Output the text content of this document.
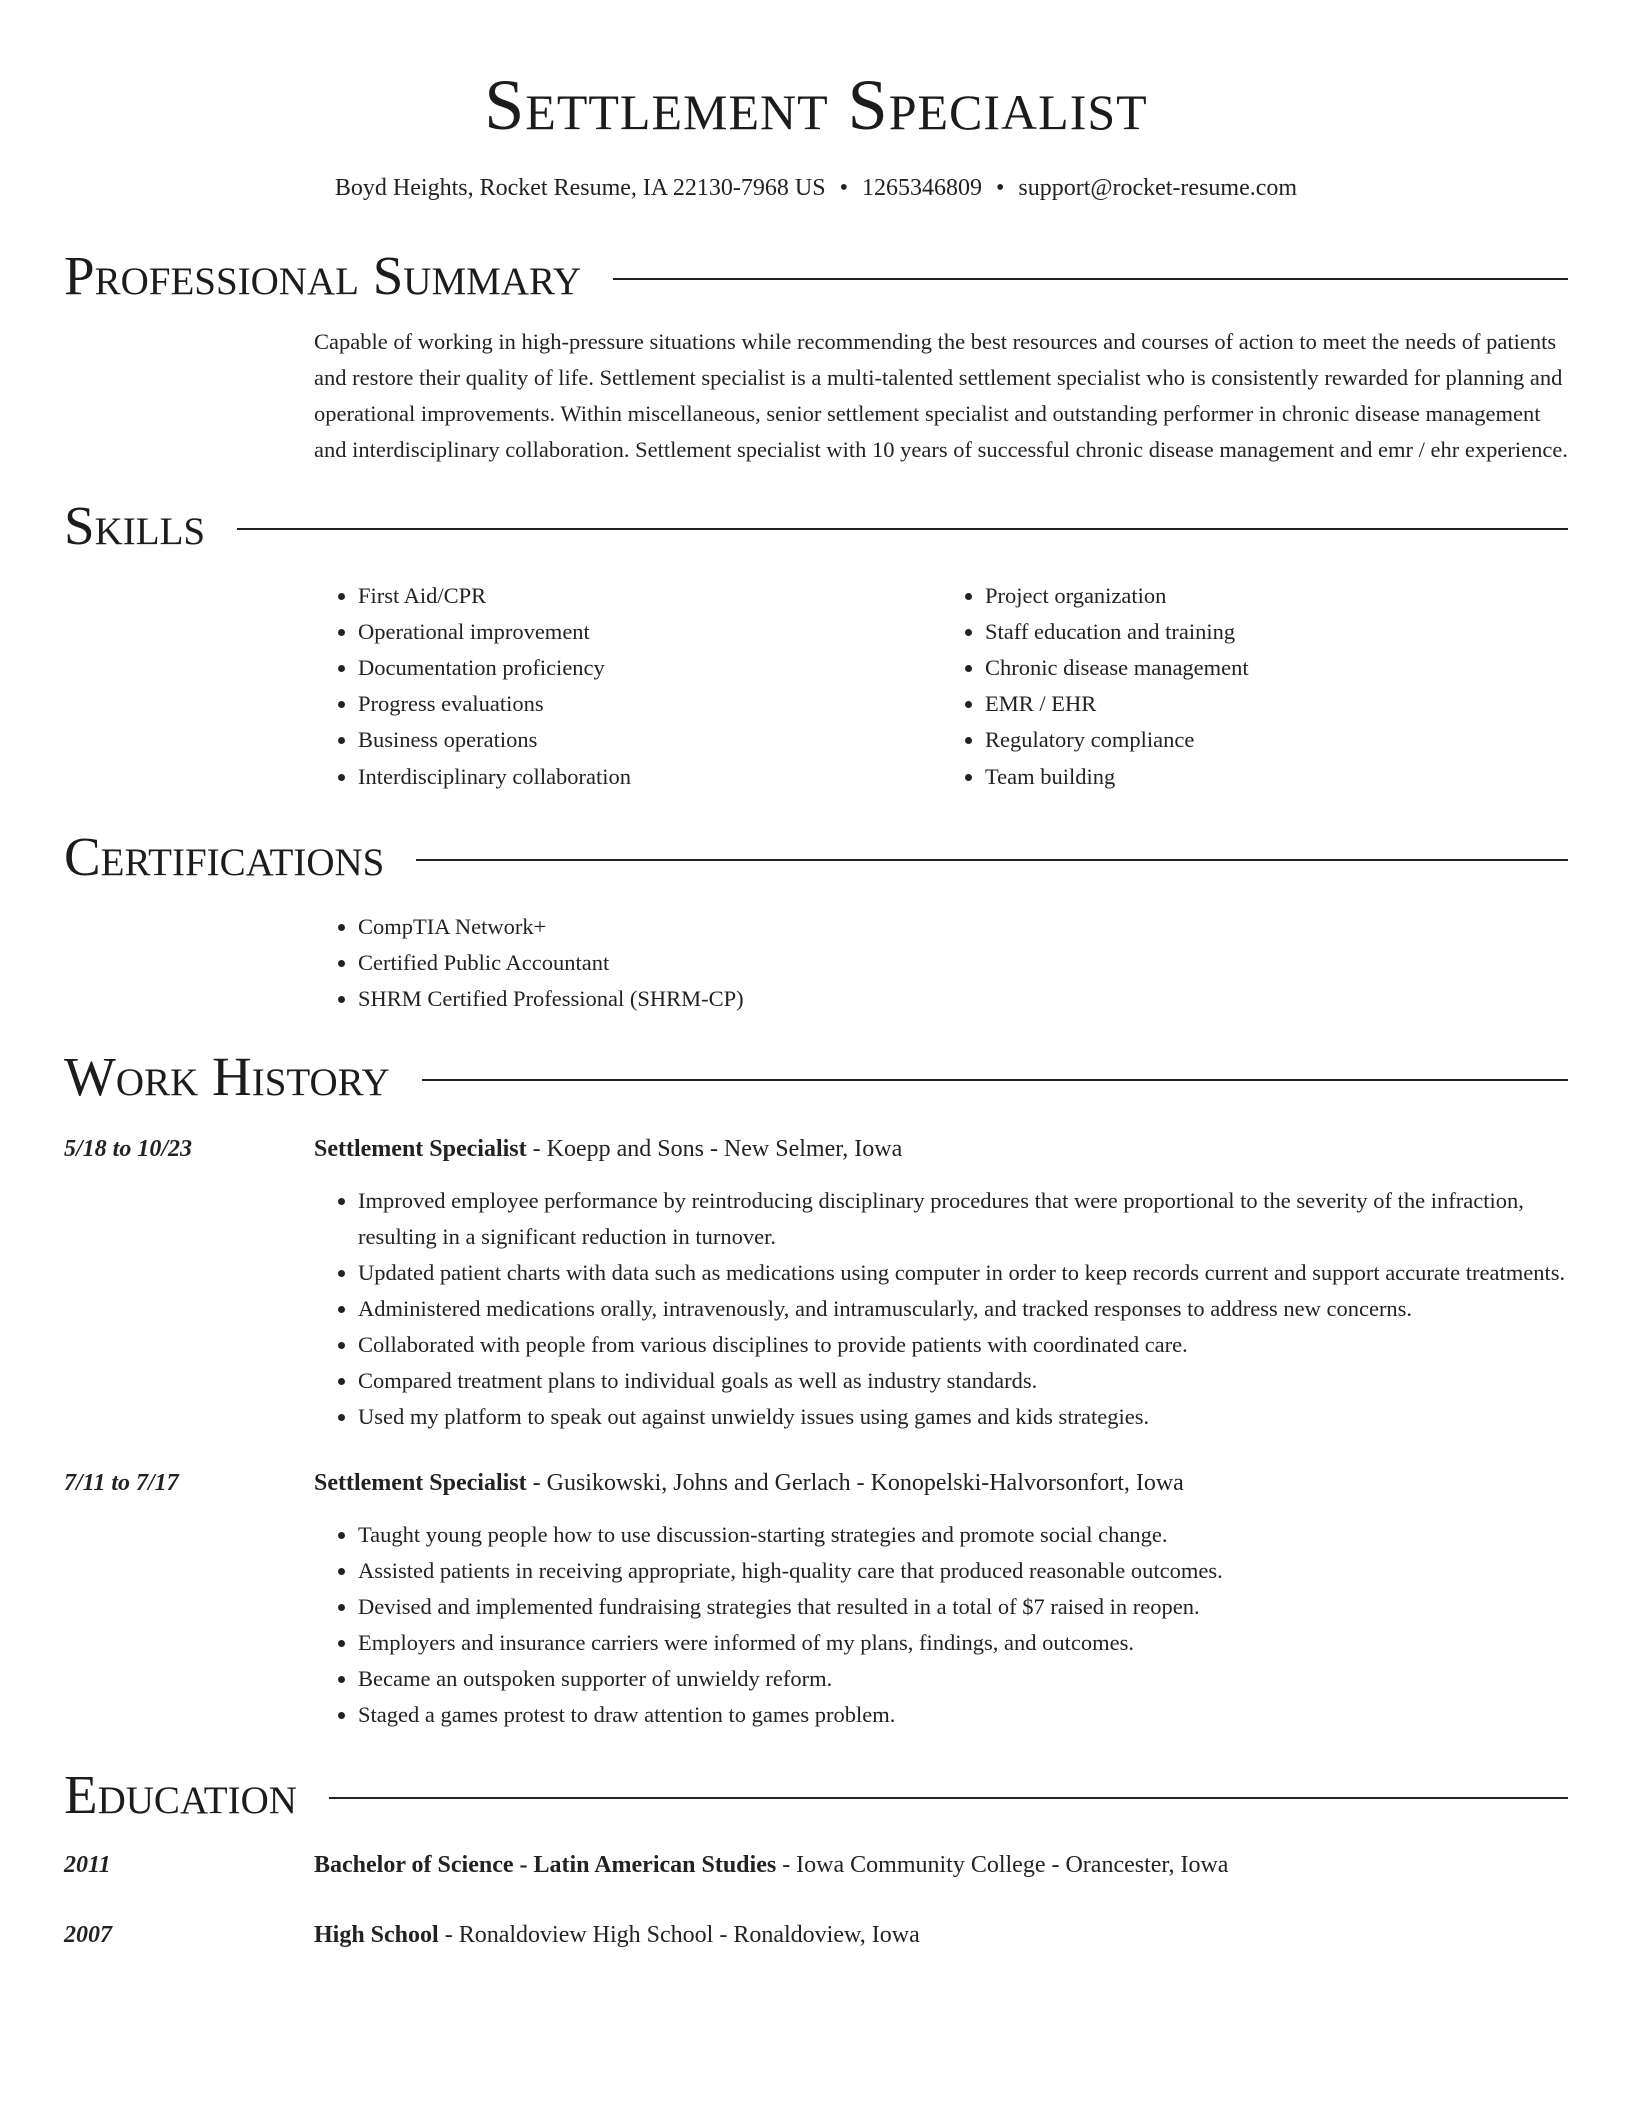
Settlement Specialist
Boyd Heights, Rocket Resume, IA 22130-7968 US • 1265346809 • support@rocket-resume.com
Professional Summary
Capable of working in high-pressure situations while recommending the best resources and courses of action to meet the needs of patients and restore their quality of life. Settlement specialist is a multi-talented settlement specialist who is consistently rewarded for planning and operational improvements. Within miscellaneous, senior settlement specialist and outstanding performer in chronic disease management and interdisciplinary collaboration. Settlement specialist with 10 years of successful chronic disease management and emr / ehr experience.
Skills
• First Aid/CPR
• Operational improvement
• Documentation proficiency
• Progress evaluations
• Business operations
• Interdisciplinary collaboration
• Project organization
• Staff education and training
• Chronic disease management
• EMR / EHR
• Regulatory compliance
• Team building
Certifications
• CompTIA Network+
• Certified Public Accountant
• SHRM Certified Professional (SHRM-CP)
Work History
5/18 to 10/23	Settlement Specialist - Koepp and Sons - New Selmer, Iowa
• Improved employee performance by reintroducing disciplinary procedures that were proportional to the severity of the infraction, resulting in a significant reduction in turnover.
• Updated patient charts with data such as medications using computer in order to keep records current and support accurate treatments.
• Administered medications orally, intravenously, and intramuscularly, and tracked responses to address new concerns.
• Collaborated with people from various disciplines to provide patients with coordinated care.
• Compared treatment plans to individual goals as well as industry standards.
• Used my platform to speak out against unwieldy issues using games and kids strategies.
7/11 to 7/17	Settlement Specialist - Gusikowski, Johns and Gerlach - Konopelski-Halvorsonfort, Iowa
• Taught young people how to use discussion-starting strategies and promote social change.
• Assisted patients in receiving appropriate, high-quality care that produced reasonable outcomes.
• Devised and implemented fundraising strategies that resulted in a total of $7 raised in reopen.
• Employers and insurance carriers were informed of my plans, findings, and outcomes.
• Became an outspoken supporter of unwieldy reform.
• Staged a games protest to draw attention to games problem.
Education
2011	Bachelor of Science - Latin American Studies - Iowa Community College - Orancester, Iowa
2007	High School - Ronaldoview High School - Ronaldoview, Iowa
